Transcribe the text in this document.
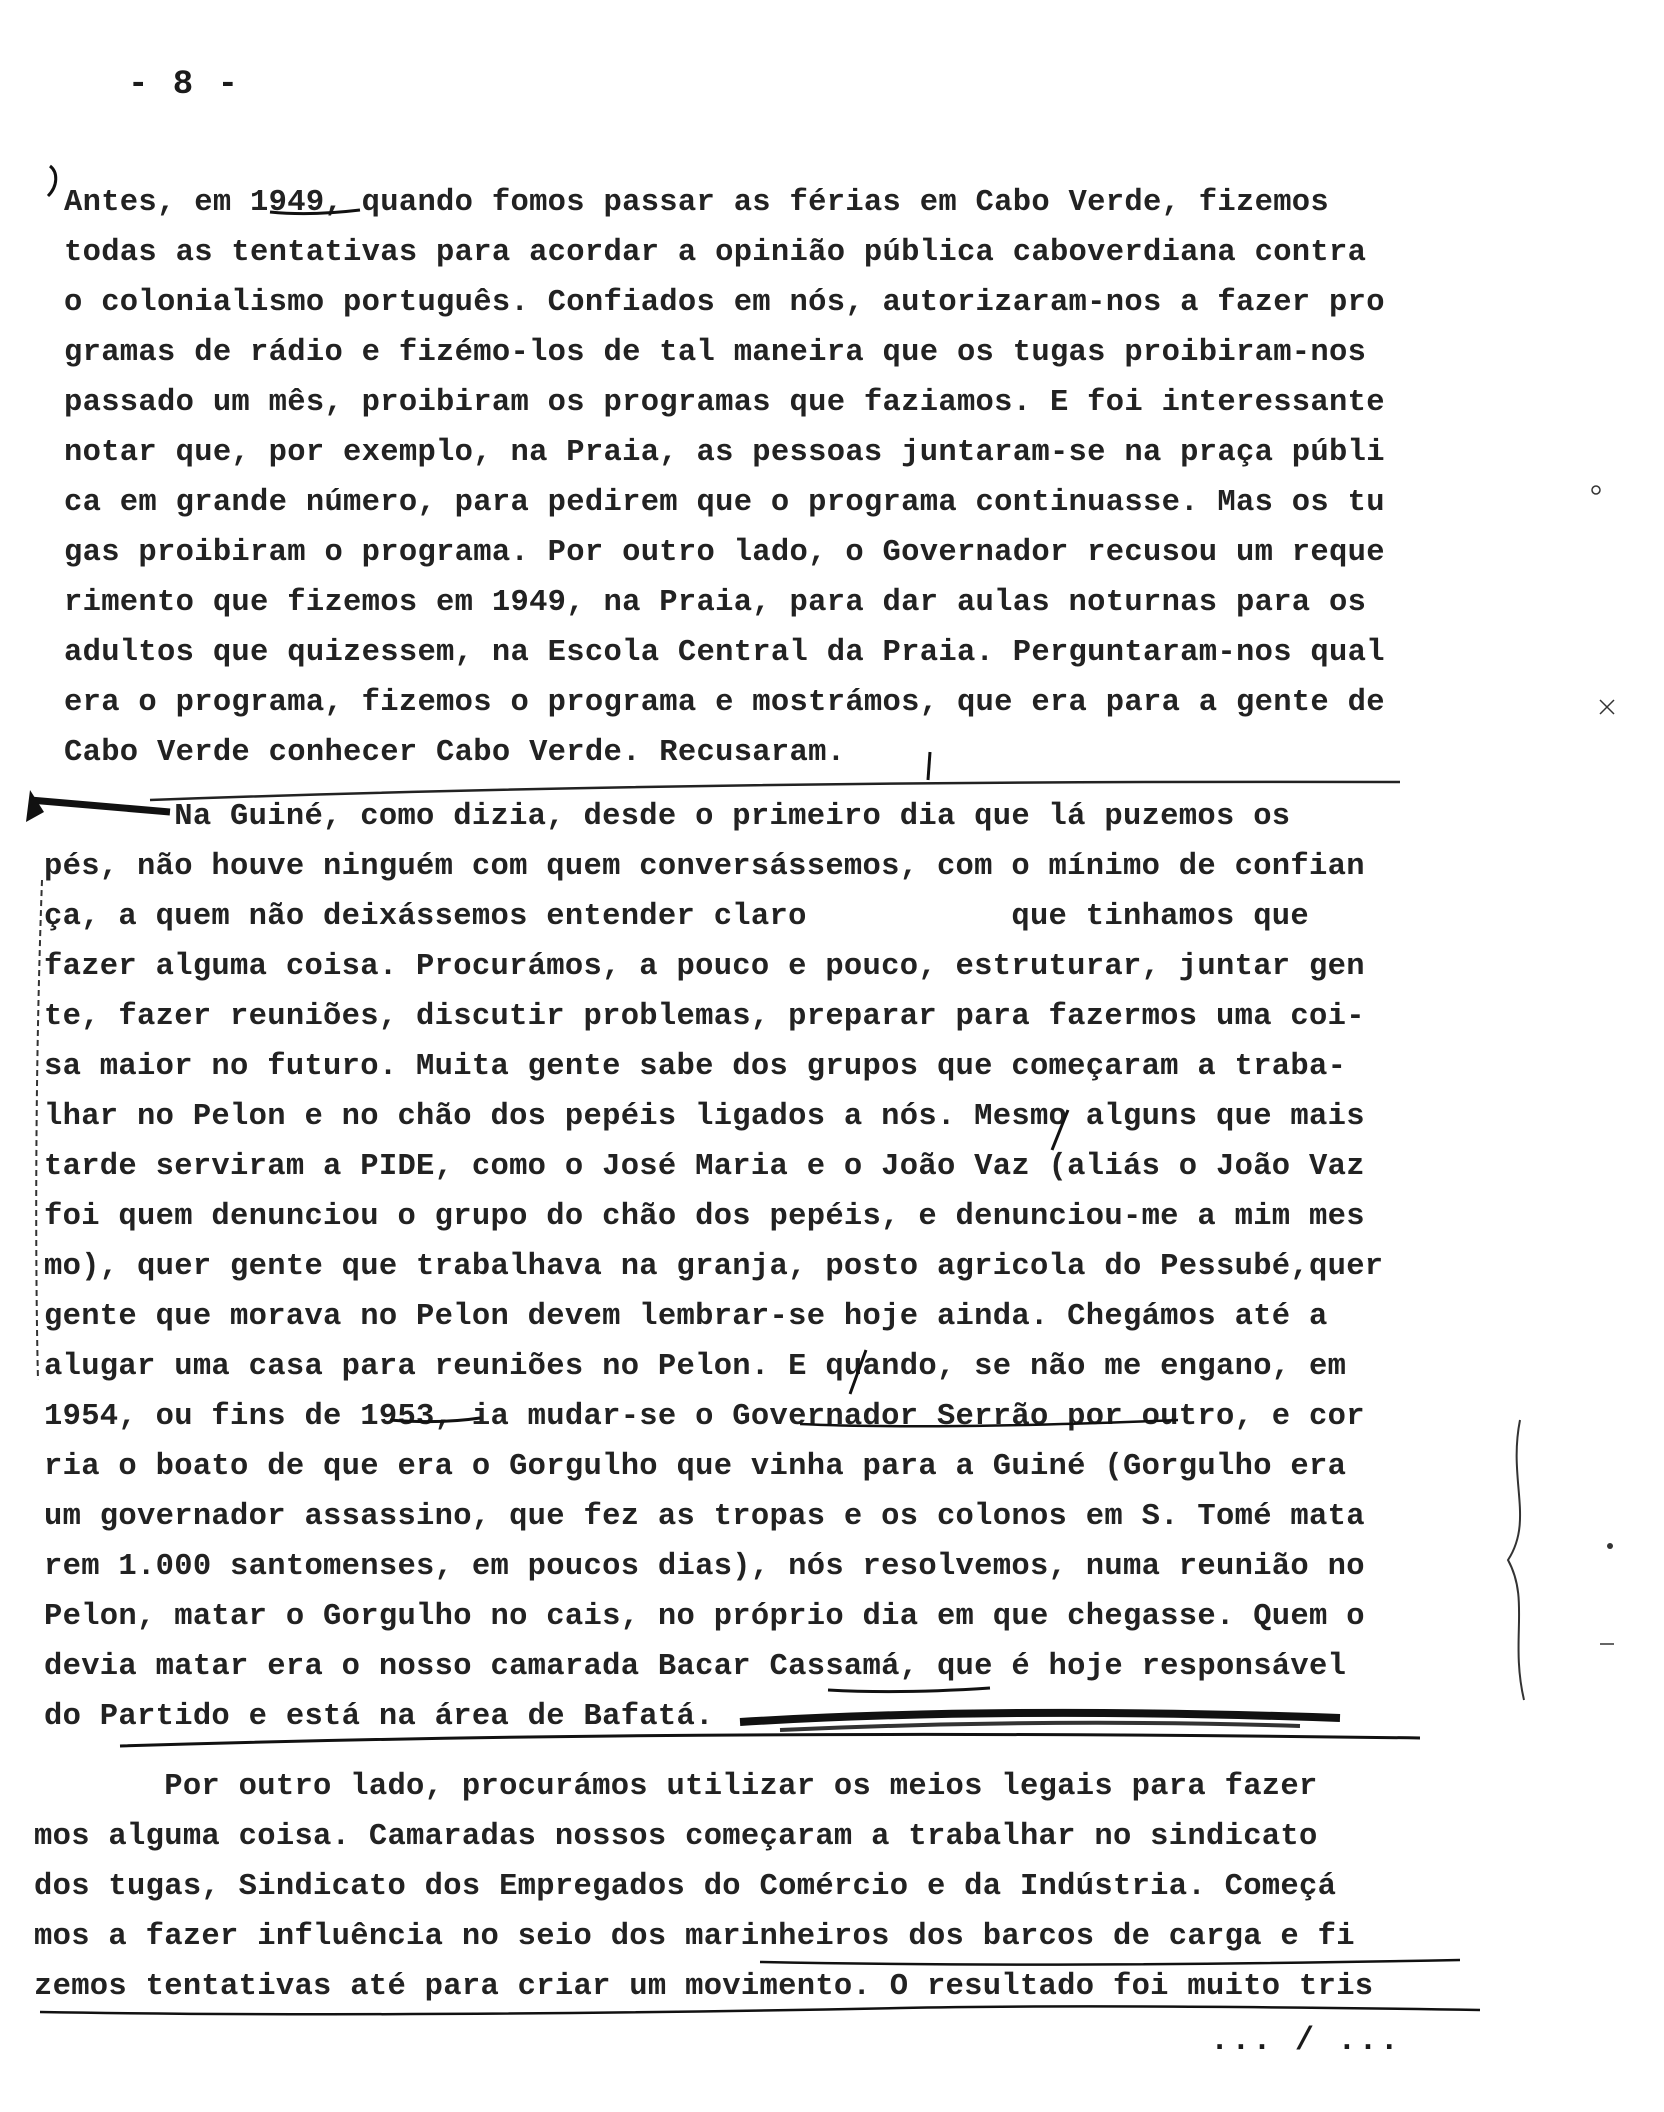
- 8 -
Antes, em 1949, quando fomos passar as férias em Cabo Verde, fizemos
todas as tentativas para acordar a opinião pública caboverdiana contra
o colonialismo português. Confiados em nós, autorizaram-nos a fazer pro
gramas de rádio e fizémo-los de tal maneira que os tugas proibiram-nos
passado um mês, proibiram os programas que faziamos. E foi interessante
notar que, por exemplo, na Praia, as pessoas juntaram-se na praça públi
ca em grande número, para pedirem que o programa continuasse. Mas os tu
gas proibiram o programa. Por outro lado, o Governador recusou um reque
rimento que fizemos em 1949, na Praia, para dar aulas noturnas para os
adultos que quizessem, na Escola Central da Praia. Perguntaram-nos qual
era o programa, fizemos o programa e mostrámos, que era para a gente de
Cabo Verde conhecer Cabo Verde. Recusaram.
Na Guiné, como dizia, desde o primeiro dia que lá puzemos os
pés, não houve ninguém com quem conversássemos, com o mínimo de confian
ça, a quem não deixássemos entender claro           que tinhamos que
fazer alguma coisa. Procurámos, a pouco e pouco, estruturar, juntar gen
te, fazer reuniões, discutir problemas, preparar para fazermos uma coi-
sa maior no futuro. Muita gente sabe dos grupos que começaram a traba-
lhar no Pelon e no chão dos pepéis ligados a nós. Mesmo alguns que mais
tarde serviram a PIDE, como o José Maria e o João Vaz (aliás o João Vaz
foi quem denunciou o grupo do chão dos pepéis, e denunciou-me a mim mes
mo), quer gente que trabalhava na granja, posto agricola do Pessubé,quer
gente que morava no Pelon devem lembrar-se hoje ainda. Chegámos até a
alugar uma casa para reuniões no Pelon. E quando, se não me engano, em
1954, ou fins de 1953, ia mudar-se o Governador Serrão por outro, e cor
ria o boato de que era o Gorgulho que vinha para a Guiné (Gorgulho era
um governador assassino, que fez as tropas e os colonos em S. Tomé mata
rem 1.000 santomenses, em poucos dias), nós resolvemos, numa reunião no
Pelon, matar o Gorgulho no cais, no próprio dia em que chegasse. Quem o
devia matar era o nosso camarada Bacar Cassamá, que é hoje responsável
do Partido e está na área de Bafatá.
Por outro lado, procurámos utilizar os meios legais para fazer
mos alguma coisa. Camaradas nossos começaram a trabalhar no sindicato
dos tugas, Sindicato dos Empregados do Comércio e da Indústria. Começá
mos a fazer influência no seio dos marinheiros dos barcos de carga e fi
zemos tentativas até para criar um movimento. O resultado foi muito tris
... / ...
